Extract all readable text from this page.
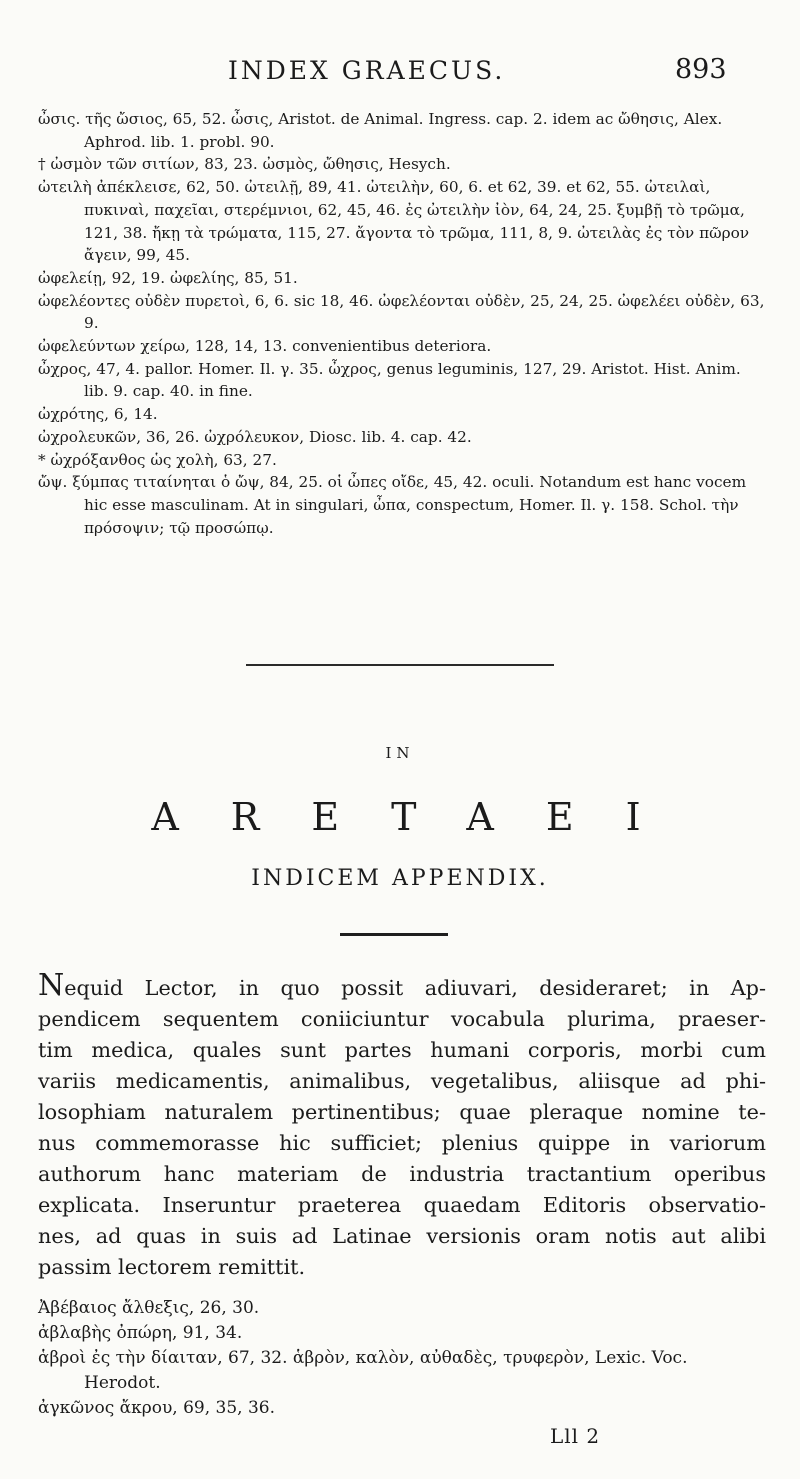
INDEX GRAECUS.	893

ὦσις. τῆς ὤσιος, 65, 52. ὦσις, Aristot. de Animal. Ingress. cap. 2. idem ac ὤθησις, Alex. Aphrod. lib. 1. probl. 90.

† ὠσμὸν τῶν σιτίων, 83, 23. ὠσμὸς, ὤθησις, Hesych.

ὠτειλὴ ἀπέκλεισε, 62, 50. ὠτειλῇ, 89, 41. ὠτειλὴν, 60, 6. et 62, 39. et 62, 55. ὠτειλαὶ, πυκιναὶ, παχεῖαι, στερέμνιοι, 62, 45, 46. ἐς ὠτειλὴν ἰὸν, 64, 24, 25. ξυμβῇ τὸ τρῶμα, 121, 38. ἤκῃ τὰ τρώματα, 115, 27. ἄγοντα τὸ τρῶμα, 111, 8, 9. ὠτειλὰς ἐς τὸν πῶρον ἄγειν, 99, 45.

ὠφελείῃ, 92, 19. ὠφελίης, 85, 51.

ὠφελέοντες οὐδὲν πυρετοὶ, 6, 6. sic 18, 46. ὠφελέονται οὐδὲν, 25, 24, 25. ὠφελέει οὐδὲν, 63, 9.

ὠφελεύντων χείρω, 128, 14, 13. convenientibus deteriora.

ὦχρος, 47, 4. pallor. Homer. Il. γ. 35. ὦχρος, genus leguminis, 127, 29. Aristot. Hist. Anim. lib. 9. cap. 40. in fine.

ὠχρότης, 6, 14.

ὠχρολευκῶν, 36, 26. ὠχρόλευκον, Diosc. lib. 4. cap. 42.

* ὠχρόξανθος ὡς χολὴ, 63, 27.

ὤψ. ξύμπας τιταίνηται ὁ ὤψ, 84, 25. οἱ ὦπες οἴδε, 45, 42. oculi. Notandum est hanc vocem hic esse masculinam. At in singulari, ὦπα, conspectum, Homer. Il. γ. 158. Schol. τὴν πρόσοψιν; τῷ προσώπῳ.

IN
ARETAEI
INDICEM APPENDIX.
Nequid Lector, in quo possit adiuvari, desideraret; in Ap-
pendicem sequentem coniiciuntur vocabula plurima, praeser-
tim medica, quales sunt partes humani corporis, morbi cum
variis medicamentis, animalibus, vegetalibus, aliisque ad phi-
losophiam naturalem pertinentibus; quae pleraque nomine te-
nus commemorasse hic sufficiet; plenius quippe in variorum
authorum hanc materiam de industria tractantium operibus
explicata. Inseruntur praeterea quaedam Editoris observatio-
nes, ad quas in suis ad Latinae versionis oram notis aut alibi
passim lectorem remittit.

Ἀβέβαιος ἄλθεξις, 26, 30.

ἀβλαβὴς ὀπώρη, 91, 34.

ἁβροὶ ἐς τὴν δίαιταν, 67, 32. ἁβρὸν, καλὸν, αὐθαδὲς, τρυφερὸν, Lexic. Voc. Herodot.

ἀγκῶνος ἄκρου, 69, 35, 36.

Lll 2
